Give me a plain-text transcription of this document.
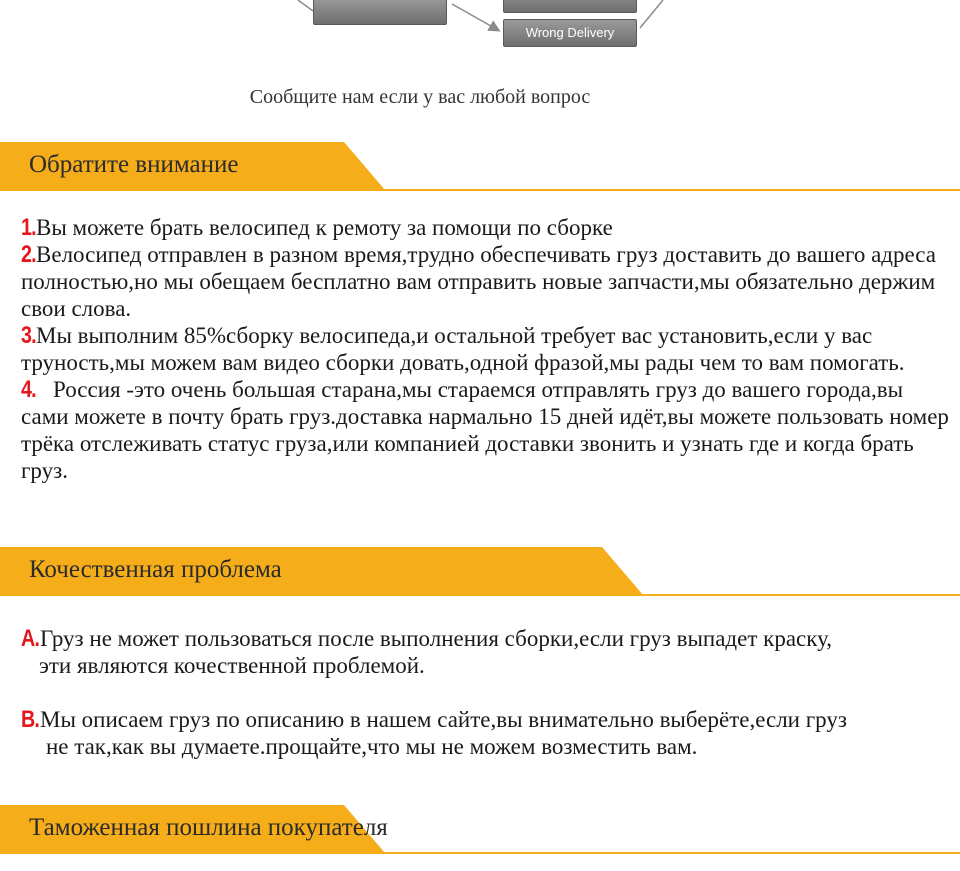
Wrong Delivery
Сообщите нам если у вас любой вопрос
Обратите внимание

1.Вы можете брать велосипед к ремоту за помощи по сборке

2.Велосипед отправлен в разном время,трудно обеспечивать груз доставить до вашего адреса полностью,но мы обещаем бесплатно вам отправить новые запчасти,мы обязательно держим свои слова.

3.Мы выполним 85%сборку велосипеда,и остальной требует вас установить,если у вас труность,мы можем вам видео сборки довать,одной фразой,мы рады чем то вам помогать.

4. Россия -это очень большая старана,мы стараемся отправлять груз до вашего города,вы сами можете в почту брать груз.доставка нармально 15 дней идёт,вы можете пользовать номер трёка отслеживать статус груза,или компанией доставки звонить и узнать где и когда брать груз.

Кочественная проблема

A.Груз не может пользоваться после выполнения сборки,если груз выпадет краску,

эти являются кочественной проблемой.

B.Мы описаем груз по описанию в нашем сайте,вы внимательно выберёте,если груз

не так,как вы думаете.прощайте,что мы не можем возместить вам.

Таможенная пошлина покупателя
